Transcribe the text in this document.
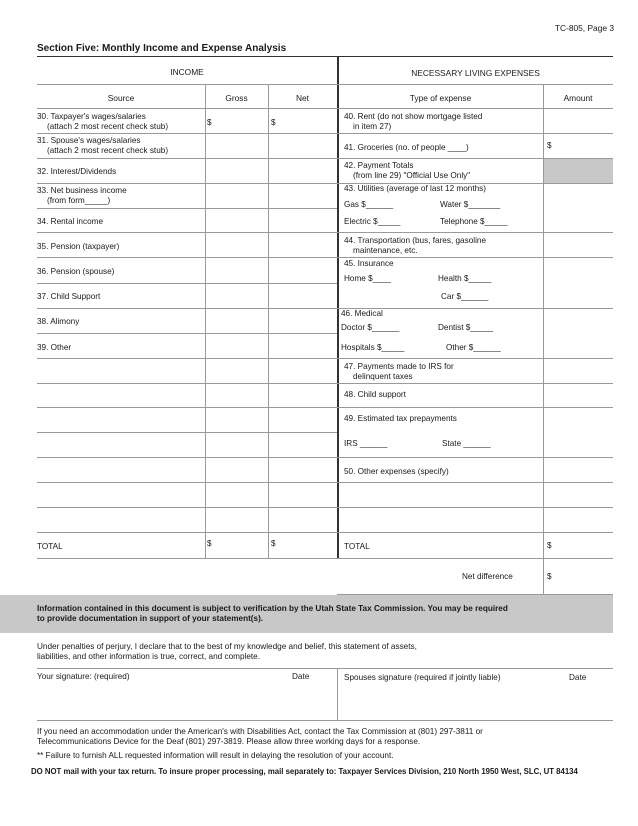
TC-805, Page 3
Section Five: Monthly Income and Expense Analysis
INCOME	NECESSARY LIVING EXPENSES
Source	Gross	Net	Type of expense	Amount
30. Taxpayer's wages/salaries
(attach 2 most recent check stub)	$	$
31. Spouse's wages/salaries
(attach 2 most recent check stub)
32. Interest/Dividends
33. Net business income
(from form_____)
34. Rental income
35. Pension (taxpayer)
36. Pension (spouse)
37. Child Support
38. Alimony
39. Other
TOTAL	$	$
40. Rent (do not show mortgage listed
in item 27)
41. Groceries (no. of people ____)	$
42. Payment Totals
(from line 29) "Official Use Only"
43. Utilities (average of last 12 months)
Gas $______	Water $_______
Electric $_____	Telephone $_____
44. Transportation (bus, fares, gasoline
maintenance, etc.
45. Insurance
Home $____	Health $_____
Car $______
46. Medical
Doctor $______	Dentist $_____
Hospitals $_____	Other $______
47. Payments made to IRS for
delinquent taxes
48. Child support
49. Estimated tax prepayments
IRS ______	State ______
50. Other expenses (specify)
TOTAL	$
Net difference	$
Information contained in this document is subject to verification by the Utah State Tax Commission. You may be required
to provide documentation in support of your statement(s).
Under penalties of perjury, I declare that to the best of my knowledge and belief, this statement of assets,
liabilities, and other information is true, correct, and complete.
Your signature: (required)	Date	Spouses signature (required if jointly liable)	Date
If you need an accommodation under the American's with Disabilities Act, contact the Tax Commission at (801) 297-3811 or
Telecommunications Device for the Deaf (801) 297-3819. Please allow three working days for a response.
** Failure to furnish ALL requested information will result in delaying the resolution of your account.
DO NOT mail with your tax return. To insure proper processing, mail separately to: Taxpayer Services Division, 210 North 1950 West, SLC, UT 84134
